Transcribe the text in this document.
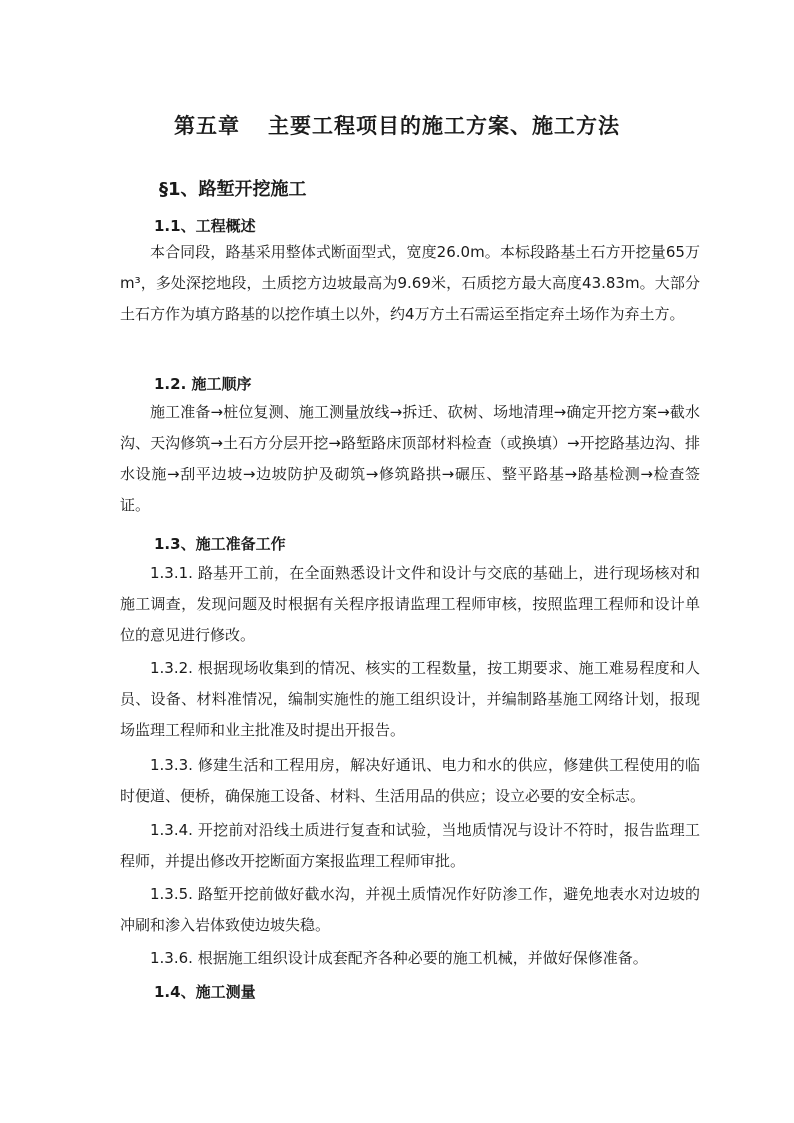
第五章 主要工程项目的施工方案、施工方法
§1、路堑开挖施工
1.1、工程概述
本合同段，路基采用整体式断面型式，宽度26.0m。本标段路基土石方开挖量65万m³，多处深挖地段，土质挖方边坡最高为9.69米，石质挖方最大高度43.83m。大部分土石方作为填方路基的以挖作填土以外，约4万方土石需运至指定弃土场作为弃土方。
1.2. 施工顺序
施工准备→桩位复测、施工测量放线→拆迁、砍树、场地清理→确定开挖方案→截水沟、天沟修筑→土石方分层开挖→路堑路床顶部材料检查（或换填）→开挖路基边沟、排水设施→刮平边坡→边坡防护及砌筑→修筑路拱→碾压、整平路基→路基检测→检查签证。
1.3、施工准备工作
1.3.1. 路基开工前，在全面熟悉设计文件和设计与交底的基础上，进行现场核对和施工调查，发现问题及时根据有关程序报请监理工程师审核，按照监理工程师和设计单位的意见进行修改。
1.3.2. 根据现场收集到的情况、核实的工程数量，按工期要求、施工难易程度和人员、设备、材料准情况，编制实施性的施工组织设计，并编制路基施工网络计划，报现场监理工程师和业主批准及时提出开报告。
1.3.3. 修建生活和工程用房，解决好通讯、电力和水的供应，修建供工程使用的临时便道、便桥，确保施工设备、材料、生活用品的供应；设立必要的安全标志。
1.3.4. 开挖前对沿线土质进行复查和试验，当地质情况与设计不符时，报告监理工程师，并提出修改开挖断面方案报监理工程师审批。
1.3.5. 路堑开挖前做好截水沟，并视土质情况作好防渗工作，避免地表水对边坡的冲刷和渗入岩体致使边坡失稳。
1.3.6. 根据施工组织设计成套配齐各种必要的施工机械，并做好保修准备。
1.4、施工测量
